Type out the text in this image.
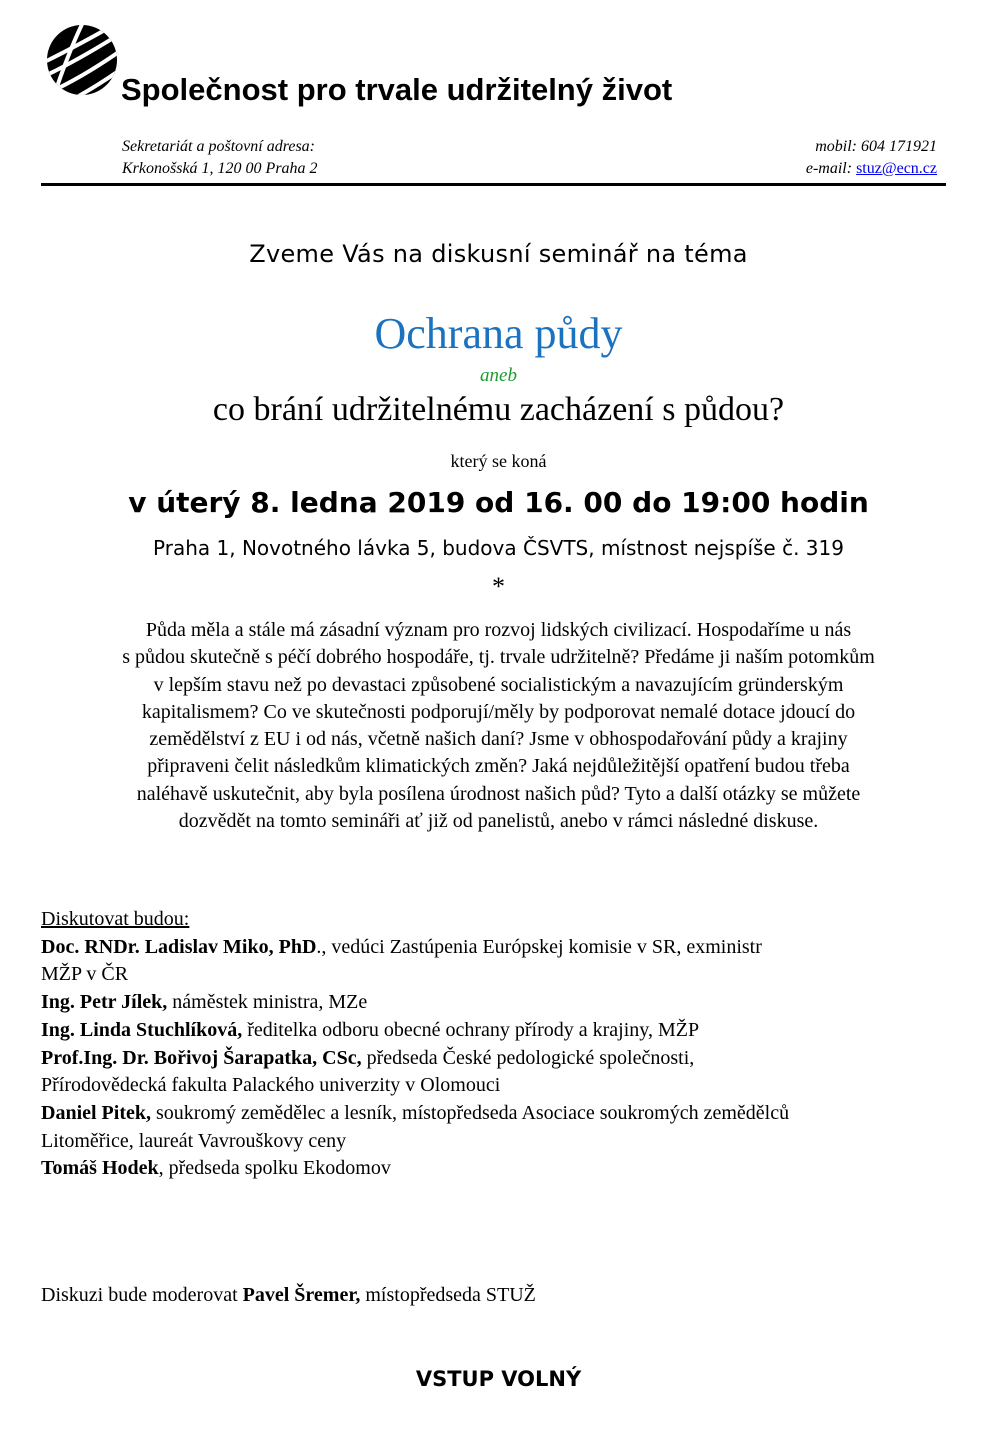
Společnost pro trvale udržitelný život
Sekretariát a poštovní adresa:
Krkonošská 1, 120 00 Praha 2
mobil: 604 171921
e-mail: stuz@ecn.cz
Zveme Vás na diskusní seminář na téma
Ochrana půdy
aneb
co brání udržitelnému zacházení s půdou?
který se koná
v úterý 8. ledna 2019 od 16. 00 do 19:00 hodin
Praha 1, Novotného lávka 5, budova ČSVTS, místnost nejspíše č. 319
*
Půda měla a stále má zásadní význam pro rozvoj lidských civilizací. Hospodaříme u nás
s půdou skutečně s péčí dobrého hospodáře, tj. trvale udržitelně? Předáme ji naším potomkům
v lepším stavu než po devastaci způsobené socialistickým a navazujícím gründerským
kapitalismem? Co ve skutečnosti podporují/měly by podporovat nemalé dotace jdoucí do
zemědělství z EU i od nás, včetně našich daní? Jsme v obhospodařování půdy a krajiny
připraveni čelit následkům klimatických změn? Jaká nejdůležitější opatření budou třeba
naléhavě uskutečnit, aby byla posílena úrodnost našich půd? Tyto a další otázky se můžete
dozvědět na tomto semináři ať již od panelistů, anebo v rámci následné diskuse.
Diskutovat budou:
Doc. RNDr. Ladislav Miko, PhD., vedúci Zastúpenia Európskej komisie v SR, exministr
MŽP v ČR
Ing. Petr Jílek, náměstek ministra, MZe
Ing. Linda Stuchlíková, ředitelka odboru obecné ochrany přírody a krajiny, MŽP
Prof.Ing. Dr. Bořivoj Šarapatka, CSc, předseda České pedologické společnosti,
Přírodovědecká fakulta Palackého univerzity v Olomouci
Daniel Pitek, soukromý zemědělec a lesník, místopředseda Asociace soukromých zemědělců
Litoměřice, laureát Vavrouškovy ceny
Tomáš Hodek, předseda spolku Ekodomov
Diskuzi bude moderovat Pavel Šremer, místopředseda STUŽ
VSTUP VOLNÝ
